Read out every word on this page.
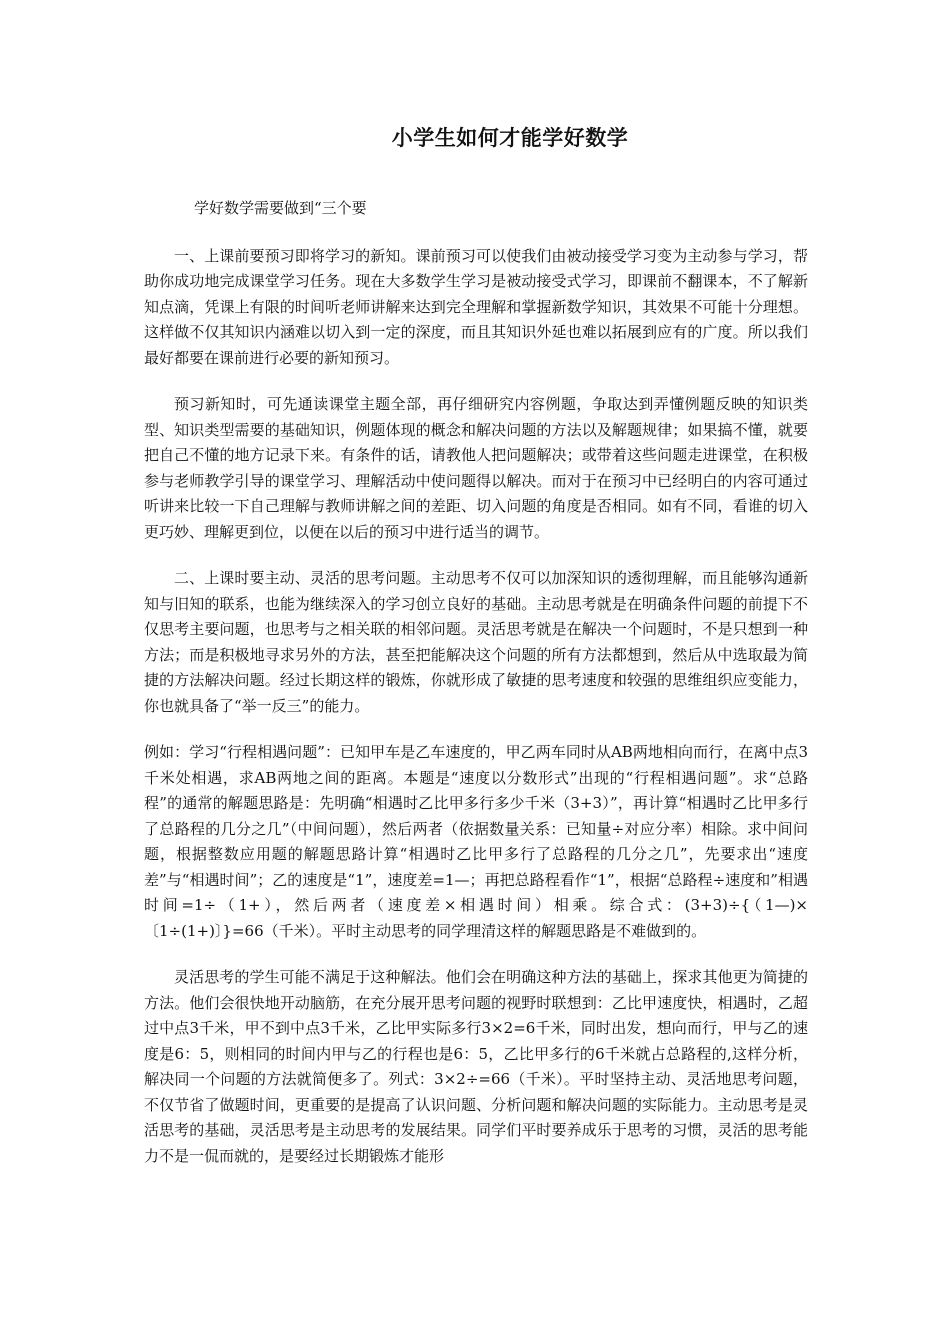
小学生如何才能学好数学

学好数学需要做到“三个要

一、上课前要预习即将学习的新知。课前预习可以使我们由被动接受学习变为主动参与学习，帮助你成功地完成课堂学习任务。现在大多数学生学习是被动接受式学习，即课前不翻课本，不了解新知点滴，凭课上有限的时间听老师讲解来达到完全理解和掌握新数学知识，其效果不可能十分理想。这样做不仅其知识内涵难以切入到一定的深度，而且其知识外延也难以拓展到应有的广度。所以我们最好都要在课前进行必要的新知预习。

预习新知时，可先通读课堂主题全部，再仔细研究内容例题，争取达到弄懂例题反映的知识类型、知识类型需要的基础知识，例题体现的概念和解决问题的方法以及解题规律；如果搞不懂，就要把自己不懂的地方记录下来。有条件的话，请教他人把问题解决；或带着这些问题走进课堂，在积极参与老师教学引导的课堂学习、理解活动中使问题得以解决。而对于在预习中已经明白的内容可通过听讲来比较一下自己理解与教师讲解之间的差距、切入问题的角度是否相同。如有不同，看谁的切入更巧妙、理解更到位，以便在以后的预习中进行适当的调节。

二、上课时要主动、灵活的思考问题。主动思考不仅可以加深知识的透彻理解，而且能够沟通新知与旧知的联系，也能为继续深入的学习创立良好的基础。主动思考就是在明确条件问题的前提下不仅思考主要问题，也思考与之相关联的相邻问题。灵活思考就是在解决一个问题时，不是只想到一种方法；而是积极地寻求另外的方法，甚至把能解决这个问题的所有方法都想到，然后从中选取最为简捷的方法解决问题。经过长期这样的锻炼，你就形成了敏捷的思考速度和较强的思维组织应变能力，你也就具备了“举一反三”的能力。

例如：学习“行程相遇问题”：已知甲车是乙车速度的，甲乙两车同时从AB两地相向而行，在离中点3千米处相遇，求AB两地之间的距离。本题是“速度以分数形式”出现的“行程相遇问题”。求“总路程”的通常的解题思路是：先明确“相遇时乙比甲多行多少千米（3+3）”，再计算“相遇时乙比甲多行了总路程的几分之几”（中间问题），然后两者（依据数量关系：已知量÷对应分率）相除。求中间问题，根据整数应用题的解题思路计算“相遇时乙比甲多行了总路程的几分之几”，先要求出“速度差”与“相遇时间”；乙的速度是“1”，速度差=1—；再把总路程看作“1”，根据“总路程÷速度和”相遇时间=1÷（1+），然后两者（速度差×相遇时间）相乘。综合式：(3+3)÷{（1—)×〔1÷(1+)〕}=66（千米）。平时主动思考的同学理清这样的解题思路是不难做到的。

灵活思考的学生可能不满足于这种解法。他们会在明确这种方法的基础上，探求其他更为简捷的方法。他们会很快地开动脑筋，在充分展开思考问题的视野时联想到：乙比甲速度快，相遇时，乙超过中点3千米，甲不到中点3千米，乙比甲实际多行3×2=6千米，同时出发，想向而行，甲与乙的速度是6：5，则相同的时间内甲与乙的行程也是6：5，乙比甲多行的6千米就占总路程的,这样分析，解决同一个问题的方法就简便多了。列式：3×2÷=66（千米）。平时坚持主动、灵活地思考问题，不仅节省了做题时间，更重要的是提高了认识问题、分析问题和解决问题的实际能力。主动思考是灵活思考的基础，灵活思考是主动思考的发展结果。同学们平时要养成乐于思考的习惯，灵活的思考能力不是一侃而就的，是要经过长期锻炼才能形
